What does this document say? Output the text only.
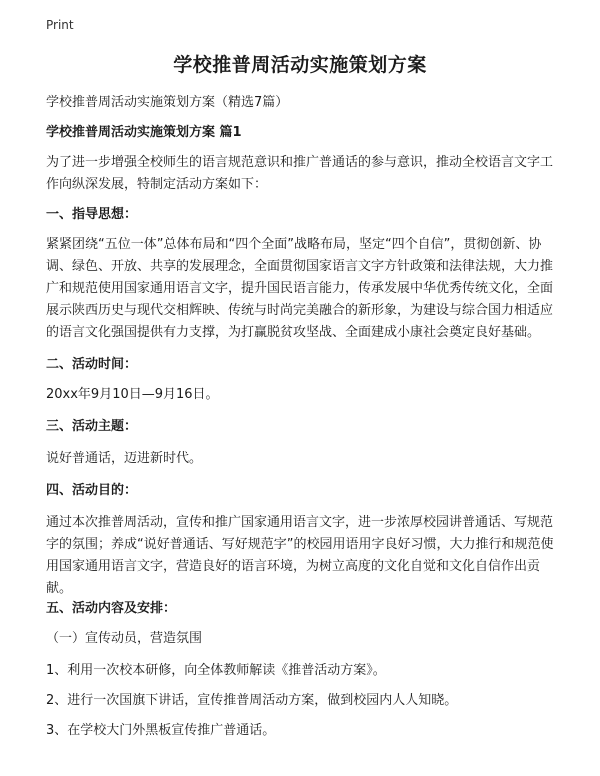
Print
学校推普周活动实施策划方案
学校推普周活动实施策划方案（精选7篇）
学校推普周活动实施策划方案 篇1
为了进一步增强全校师生的语言规范意识和推广普通话的参与意识，推动全校语言文字工作向纵深发展，特制定活动方案如下：
一、指导思想：
紧紧团绕“五位一体”总体布局和“四个全面”战略布局，坚定“四个自信”，贯彻创新、协调、绿色、开放、共享的发展理念，全面贯彻国家语言文字方针政策和法律法规，大力推广和规范使用国家通用语言文字，提升国民语言能力，传承发展中华优秀传统文化，全面展示陕西历史与现代交相辉映、传统与时尚完美融合的新形象，为建设与综合国力相适应的语言文化强国提供有力支撑，为打赢脱贫攻坚战、全面建成小康社会奠定良好基础。
二、活动时间：
20xx年9月10日—9月16日。
三、活动主题：
说好普通话，迈进新时代。
四、活动目的：
通过本次推普周活动，宣传和推广国家通用语言文字，进一步浓厚校园讲普通话、写规范字的氛围；养成“说好普通话、写好规范字”的校园用语用字良好习惯，大力推行和规范使用国家通用语言文字，营造良好的语言环境，为树立高度的文化自觉和文化自信作出贡献。
五、活动内容及安排：
（一）宣传动员，营造氛围
1、利用一次校本研修，向全体教师解读《推普活动方案》。
2、进行一次国旗下讲话，宣传推普周活动方案，做到校园内人人知晓。
3、在学校大门外黑板宣传推广普通话。
